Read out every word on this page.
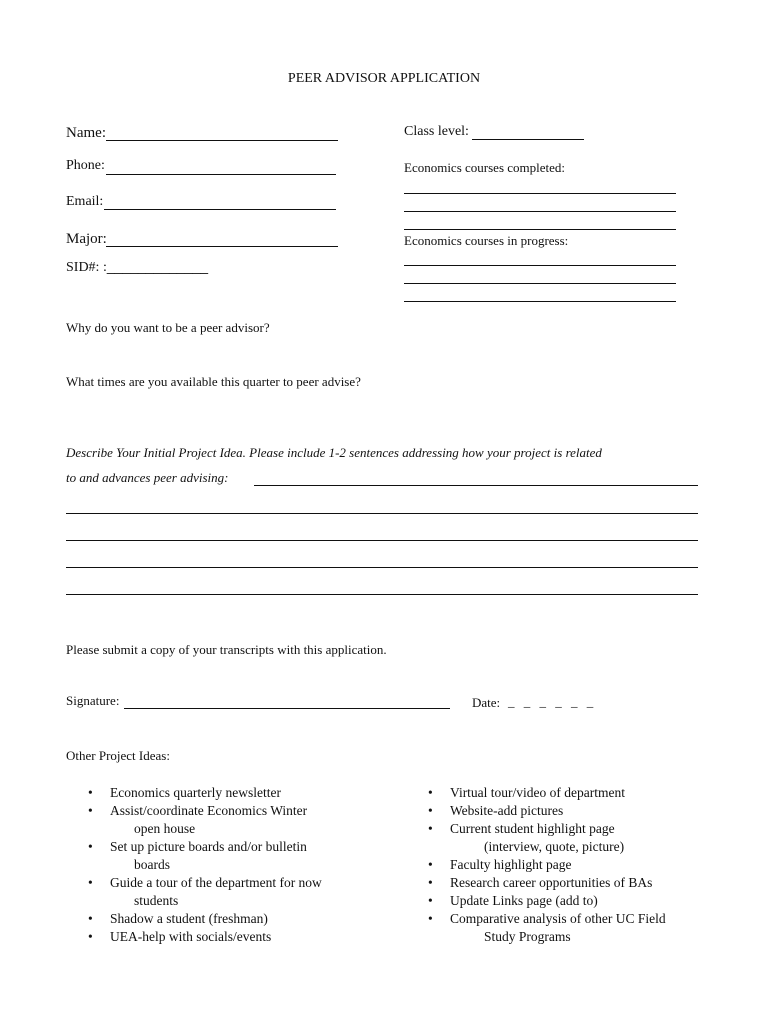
PEER ADVISOR APPLICATION
Name:
Phone:
Email:
Major:
SID#: :_____________
Class level:
Economics courses completed:
Economics courses in progress:
Why do you want to be a peer advisor?
What times are you available this quarter to peer advise?
Describe Your Initial Project Idea. Please include 1-2 sentences addressing how your project is related
to and advances peer advising:
Please submit a copy of your transcripts with this application.
Signature:	Date: _ _ _ _ _ _
Other Project Ideas:
• Economics quarterly newsletter
• Assist/coordinate Economics Winter
open house
• Set up picture boards and/or bulletin
boards
• Guide a tour of the department for now
students
• Shadow a student (freshman)
• UEA-help with socials/events
• Virtual tour/video of department
• Website-add pictures
• Current student highlight page
(interview, quote, picture)
• Faculty highlight page
• Research career opportunities of BAs
• Update Links page (add to)
• Comparative analysis of other UC Field
Study Programs
